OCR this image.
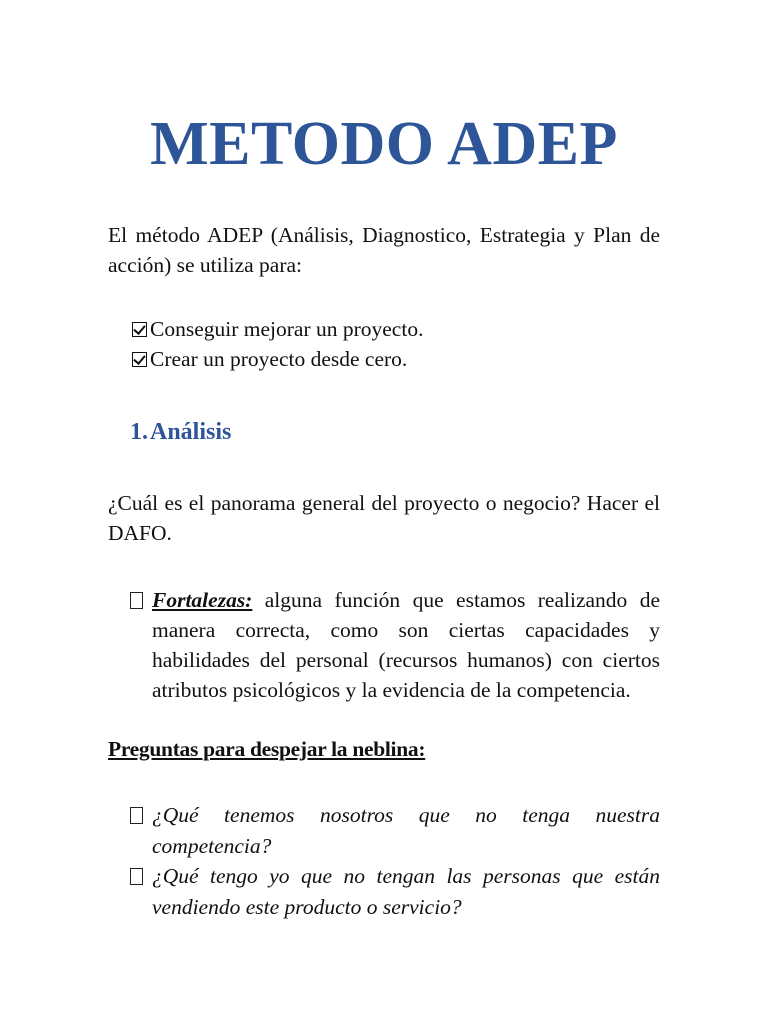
METODO ADEP

El método ADEP (Análisis, Diagnostico, Estrategia y Plan de acción) se utiliza para:

Conseguir mejorar un proyecto.
Crear un proyecto desde cero.
1.Análisis

¿Cuál es el panorama general del proyecto o negocio? Hacer el DAFO.

Fortalezas: alguna función que estamos realizando de manera correcta, como son ciertas capacidades y habilidades del personal (recursos humanos) con ciertos atributos psicológicos y la evidencia de la competencia.

Preguntas para despejar la neblina:

¿Qué tenemos nosotros que no tenga nuestra competencia?
¿Qué tengo yo que no tengan las personas que están vendiendo este producto o servicio?
